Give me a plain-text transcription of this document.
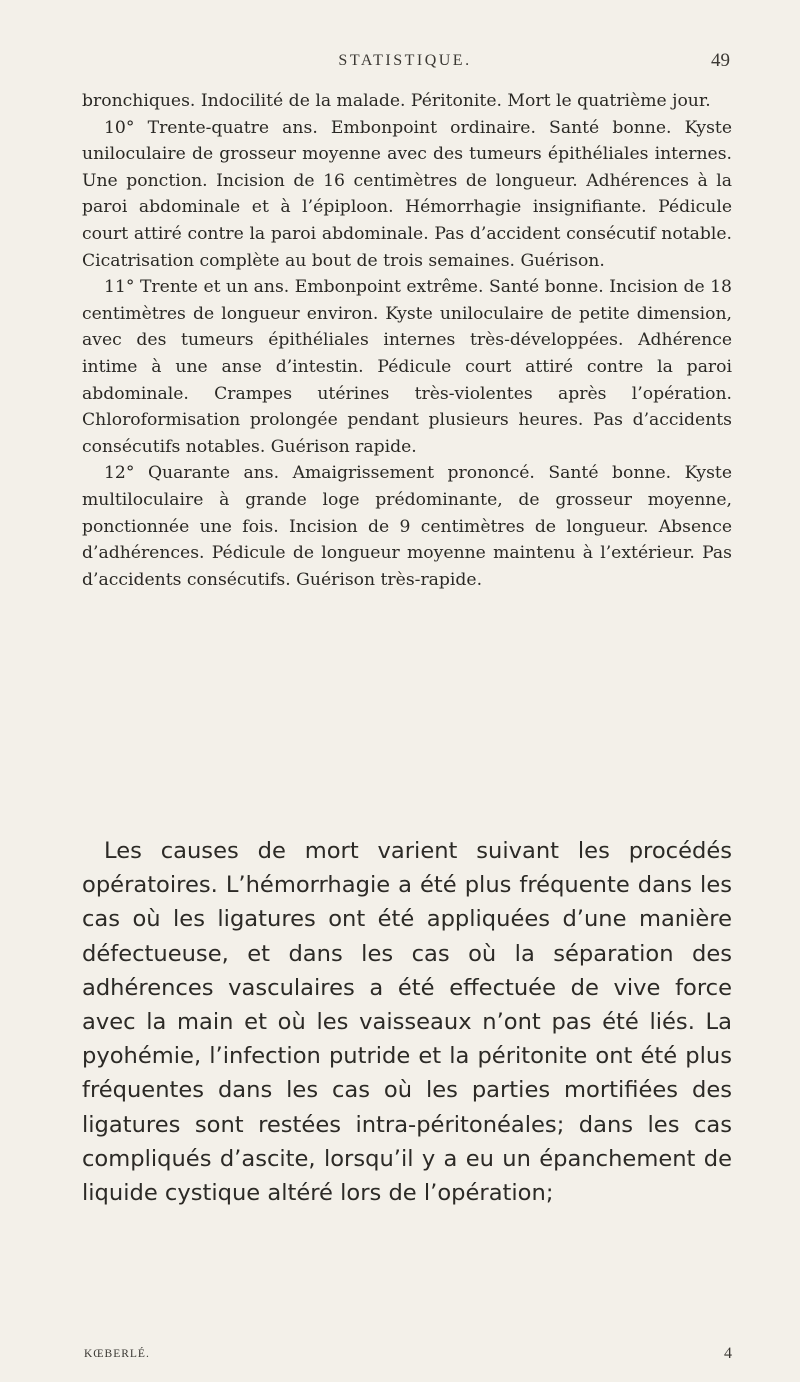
STATISTIQUE.	49

bronchiques. Indocilité de la malade. Péritonite. Mort le quatrième jour.

10° Trente-quatre ans. Embonpoint ordinaire. Santé bonne. Kyste uniloculaire de grosseur moyenne avec des tumeurs épithéliales internes. Une ponction. Incision de 16 centimètres de longueur. Adhérences à la paroi abdominale et à l’épiploon. Hémorrhagie insignifiante. Pédicule court attiré contre la paroi abdominale. Pas d’accident consécutif notable. Cicatrisation complète au bout de trois semaines. Guérison.

11° Trente et un ans. Embonpoint extrême. Santé bonne. Incision de 18 centimètres de longueur environ. Kyste uniloculaire de petite dimension, avec des tumeurs épithéliales internes très-développées. Adhérence intime à une anse d’intestin. Pédicule court attiré contre la paroi abdominale. Crampes utérines très-violentes après l’opération. Chloroformisation prolongée pendant plusieurs heures. Pas d’accidents consécutifs notables. Guérison rapide.

12° Quarante ans. Amaigrissement prononcé. Santé bonne. Kyste multiloculaire à grande loge prédominante, de grosseur moyenne, ponctionnée une fois. Incision de 9 centimètres de longueur. Absence d’adhérences. Pédicule de longueur moyenne maintenu à l’extérieur. Pas d’accidents consécutifs. Guérison très-rapide.

Les causes de mort varient suivant les procédés opératoires. L’hémorrhagie a été plus fréquente dans les cas où les ligatures ont été appliquées d’une manière défectueuse, et dans les cas où la séparation des adhérences vasculaires a été effectuée de vive force avec la main et où les vaisseaux n’ont pas été liés. La pyohémie, l’infection putride et la péritonite ont été plus fréquentes dans les cas où les parties mortifiées des ligatures sont restées intra-péritonéales; dans les cas compliqués d’ascite, lorsqu’il y a eu un épanchement de liquide cystique altéré lors de l’opération;

KŒBERLÉ.	4
